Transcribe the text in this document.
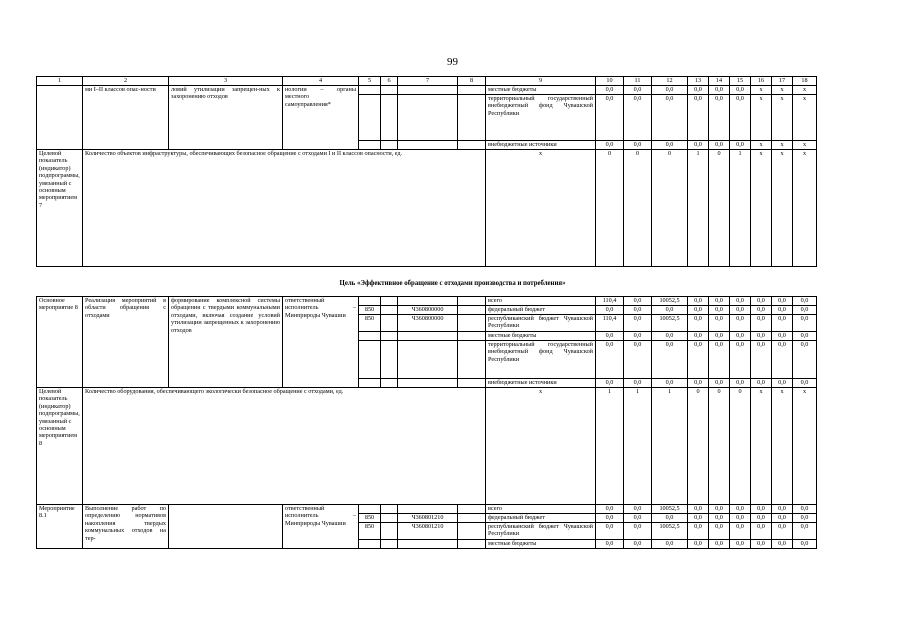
99
1	2	3	4	5	6	7	8	9	10	11	12	13	14	15	16	17	18
	ми I–II классов опас-ности	ловий утилизации запрещен-ных к захоронению отходов	нологии – органы местного самоуправления*					местные бюджеты	0,0	0,0	0,0	0,0	0,0	0,0	x	x	x
								территориальный государственный внебюджетный фонд Чувашской Республики	0,0	0,0	0,0	0,0	0,0	0,0	x	x	x
								внебюджетные источники	0,0	0,0	0,0	0,0	0,0	0,0	x	x	x
Целевой показатель (индикатор) подпрограммы, увязанный с основным мероприятием 7	Количество объектов инфраструктуры, обеспечивающих безопасное обращение с отходами I и II классов опасности, ед.							x	0	0	0	1	0	1	x	x	x
Цель «Эффективное обращение с отходами производства и потребления»
Основное мероприятие 8	Реализация мероприятий в области обращения с отходами	формирование комплексной системы обращения с твердыми коммунальными отходами, включая создание условий утилизации запрещенных к захоронению отходов	ответственный исполнитель – Минприроды Чувашии					всего	110,4	0,0	10052,5	0,0	0,0	0,0	0,0	0,0	0,0
				850		Ч360800000		федеральный бюджет	0,0	0,0	0,0	0,0	0,0	0,0	0,0	0,0	0,0
				850		Ч360800000		республиканский бюджет Чувашской Республики	110,4	0,0	10052,5	0,0	0,0	0,0	0,0	0,0	0,0
								местные бюджеты	0,0	0,0	0,0	0,0	0,0	0,0	0,0	0,0	0,0
								территориальный государственный внебюджетный фонд Чувашской Республики	0,0	0,0	0,0	0,0	0,0	0,0	0,0	0,0	0,0
								внебюджетные источники	0,0	0,0	0,0	0,0	0,0	0,0	0,0	0,0	0,0
Целевой показатель (индикатор) подпрограммы, увязанный с основным мероприятием 8	Количество оборудования, обеспечивающего экологически безопасное обращение с отходами, ед.							x	1	1	1	0	0	0	x	x	x
Мероприятие 8.1	Выполнение работ по определению нормативов накопления твердых коммунальных отходов на тер-		ответственный исполнитель – Минприроды Чувашии					всего	0,0	0,0	10052,5	0,0	0,0	0,0	0,0	0,0	0,0
				850		Ч360801210		федеральный бюджет	0,0	0,0	0,0	0,0	0,0	0,0	0,0	0,0	0,0
				850		Ч360801210		республиканский бюджет Чувашской Республики	0,0	0,0	10052,5	0,0	0,0	0,0	0,0	0,0	0,0
								местные бюджеты	0,0	0,0	0,0	0,0	0,0	0,0	0,0	0,0	0,0
